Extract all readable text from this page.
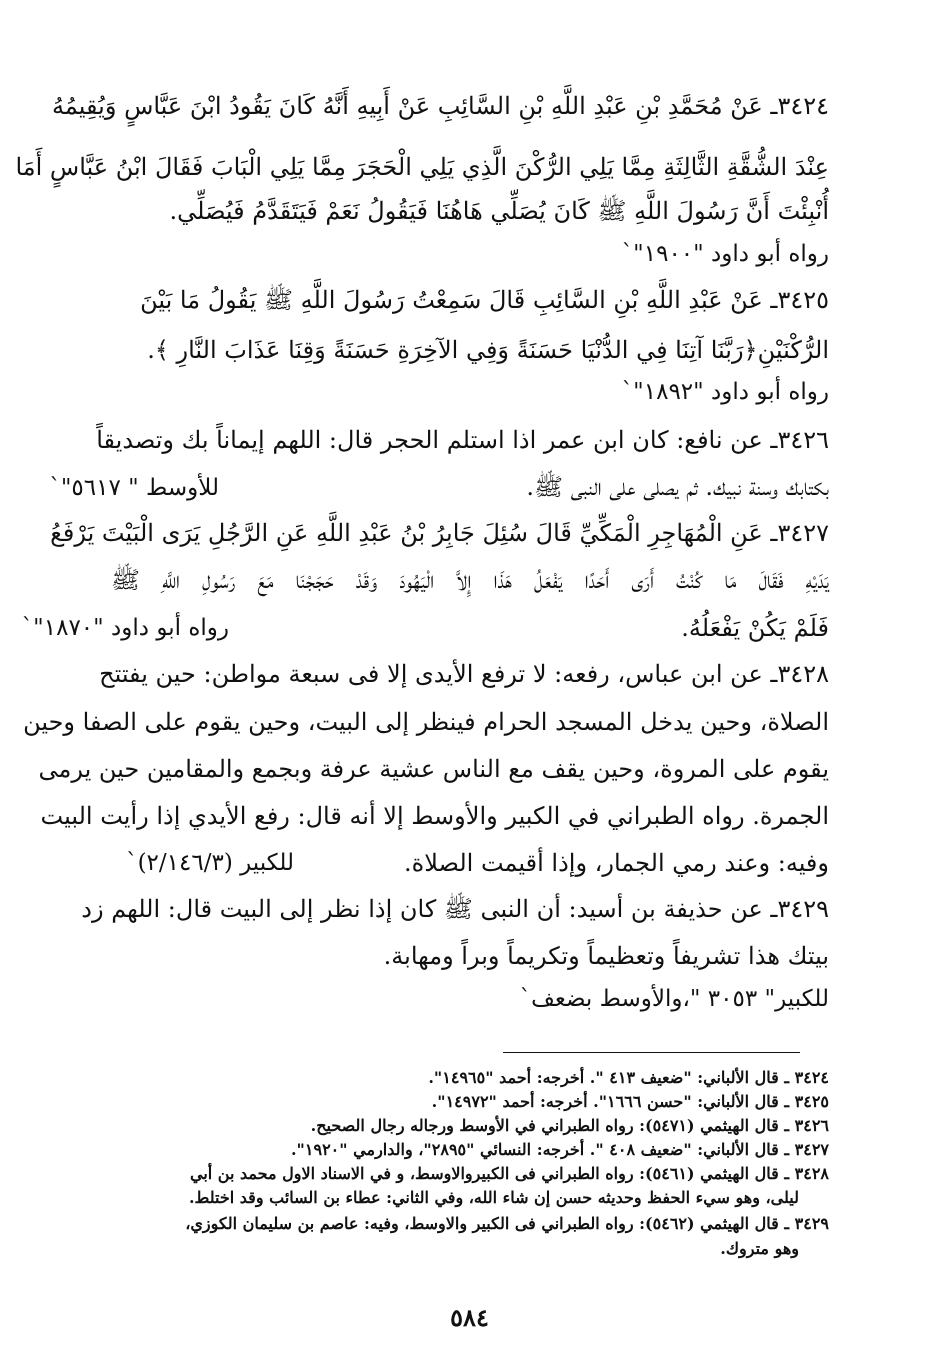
٣٤٢٤ـ عَنْ مُحَمَّدِ بْنِ عَبْدِ اللَّهِ بْنِ السَّائِبِ عَنْ أَبِيهِ أَنَّهُ كَانَ يَقُودُ ابْنَ عَبَّاسٍ وَيُقِيمُهُ
عِنْدَ الشُّقَّةِ الثَّالِثَةِ مِمَّا يَلِي الرُّكْنَ الَّذِي يَلِي الْحَجَرَ مِمَّا يَلِي الْبَابَ فَقَالَ ابْنُ عَبَّاسٍ أَمَا
أُنْبِئْتَ أَنَّ رَسُولَ اللَّهِ ﷺ كَانَ يُصَلِّي هَاهُنَا فَيَقُولُ نَعَمْ فَيَتَقَدَّمُ فَيُصَلِّي.
رواه أبو داود "١٩٠٠"`
٣٤٢٥ـ عَنْ عَبْدِ اللَّهِ بْنِ السَّائِبِ قَالَ سَمِعْتُ رَسُولَ اللَّهِ ﷺ يَقُولُ مَا بَيْنَ
الرُّكْنَيْنِ﴿رَبَّنَا آتِنَا فِي الدُّنْيَا حَسَنَةً وَفِي الآخِرَةِ حَسَنَةً وَقِنَا عَذَابَ النَّارِ ﴾.
رواه أبو داود "١٨٩٢"`
٣٤٢٦ـ عن نافع: كان ابن عمر اذا استلم الحجر قال: اللهم إيماناً بك وتصديقاً
بكتابك وسنة نبيك. ثم يصلى على النبى ﷺ.
للأوسط " ٥٦١٧"`
٣٤٢٧ـ عَنِ الْمُهَاجِرِ الْمَكِّيِّ قَالَ سُئِلَ جَابِرُ بْنُ عَبْدِ اللَّهِ عَنِ الرَّجُلِ يَرَى الْبَيْتَ يَرْفَعُ
يَدَيْهِ فَقَالَ مَا كُنْتُ أَرَى أَحَدًا يَفْعَلُ هَذَا إِلاَّ الْيَهُودَ وَقَدْ حَجَجْنَا مَعَ رَسُولِ اللَّهِ ﷺ
فَلَمْ يَكُنْ يَفْعَلُهُ.
رواه أبو داود "١٨٧٠"`
٣٤٢٨ـ عن ابن عباس، رفعه: لا ترفع الأيدى إلا فى سبعة مواطن: حين يفتتح
الصلاة، وحين يدخل المسجد الحرام فينظر إلى البيت، وحين يقوم على الصفا وحين
يقوم على المروة، وحين يقف مع الناس عشية عرفة وبجمع والمقامين حين يرمى
الجمرة. رواه الطبراني في الكبير والأوسط إلا أنه قال: رفع الأيدي إذا رأيت البيت
وفيه: وعند رمي الجمار، وإذا أقيمت الصلاة.
للكبير (٢/١٤٦/٣)`
٣٤٢٩ـ عن حذيفة بن أسيد: أن النبى ﷺ كان إذا نظر إلى البيت قال: اللهم زد
بيتك هذا تشريفاً وتعظيماً وتكريماً وبراً ومهابة.
للكبير" ٣٠٥٣ "،والأوسط بضعف`
٣٤٢٤ ـ قال الألباني: "ضعيف ٤١٣ ". أخرجه: أحمد "١٤٩٦٥".
٣٤٢٥ ـ قال الألباني: "حسن ١٦٦٦". أخرجه: أحمد "١٤٩٧٢".
٣٤٢٦ ـ قال الهيثمي (٥٤٧١): رواه الطبراني في الأوسط ورجاله رجال الصحيح.
٣٤٢٧ ـ قال الألباني: "ضعيف ٤٠٨ ". أخرجه: النسائي "٢٨٩٥"، والدارمي "١٩٢٠".
٣٤٢٨ ـ قال الهيثمي (٥٤٦١): رواه الطبراني فى الكبيروالاوسط، و في الاسناد الاول محمد بن أبي
ليلى، وهو سيء الحفظ وحديثه حسن إن شاء الله، وفي الثاني: عطاء بن السائب وقد اختلط.
٣٤٢٩ ـ قال الهيثمي (٥٤٦٢): رواه الطبراني فى الكبير والاوسط، وفيه: عاصم بن سليمان الكوزي،
وهو متروك.
٥٨٤
